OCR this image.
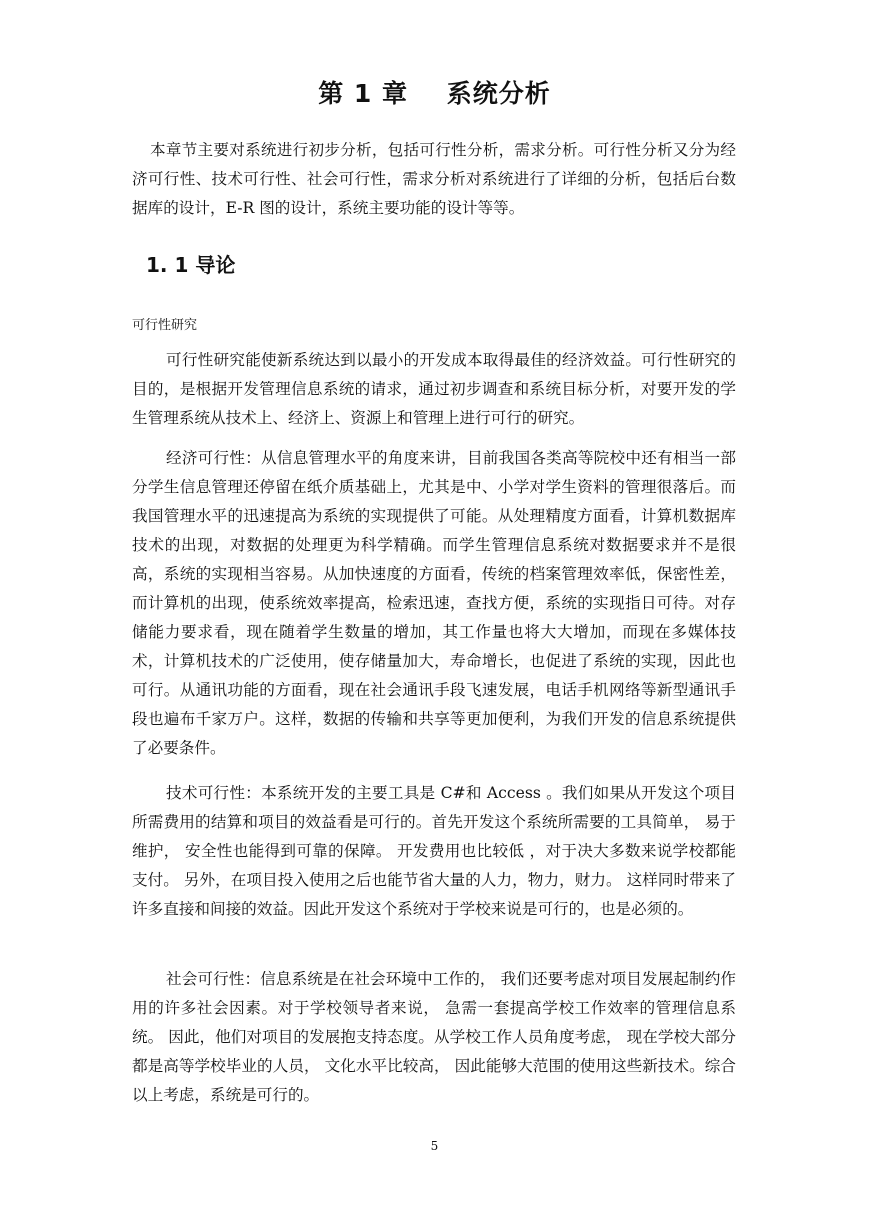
第 1 章    系统分析

本章节主要对系统进行初步分析，包括可行性分析，需求分析。可行性分析又分为经济可行性、技术可行性、社会可行性，需求分析对系统进行了详细的分析，包括后台数据库的设计，E-R 图的设计，系统主要功能的设计等等。

1. 1 导论

可行性研究

可行性研究能使新系统达到以最小的开发成本取得最佳的经济效益。可行性研究的目的，是根据开发管理信息系统的请求，通过初步调查和系统目标分析，对要开发的学生管理系统从技术上、经济上、资源上和管理上进行可行的研究。

经济可行性：从信息管理水平的角度来讲，目前我国各类高等院校中还有相当一部分学生信息管理还停留在纸介质基础上，尤其是中、小学对学生资料的管理很落后。而我国管理水平的迅速提高为系统的实现提供了可能。从处理精度方面看，计算机数据库技术的出现，对数据的处理更为科学精确。而学生管理信息系统对数据要求并不是很高，系统的实现相当容易。从加快速度的方面看，传统的档案管理效率低，保密性差，而计算机的出现，使系统效率提高，检索迅速，查找方便，系统的实现指日可待。对存储能力要求看，现在随着学生数量的增加，其工作量也将大大增加，而现在多媒体技术，计算机技术的广泛使用，使存储量加大，寿命增长，也促进了系统的实现，因此也可行。从通讯功能的方面看，现在社会通讯手段飞速发展，电话手机网络等新型通讯手段也遍布千家万户。这样，数据的传输和共享等更加便利，为我们开发的信息系统提供了必要条件。

技术可行性：本系统开发的主要工具是 C#和 Access 。我们如果从开发这个项目所需费用的结算和项目的效益看是可行的。首先开发这个系统所需要的工具简单， 易于维护， 安全性也能得到可靠的保障。 开发费用也比较低 ，对于决大多数来说学校都能支付。 另外，在项目投入使用之后也能节省大量的人力，物力，财力。 这样同时带来了许多直接和间接的效益。因此开发这个系统对于学校来说是可行的，也是必须的。

社会可行性：信息系统是在社会环境中工作的， 我们还要考虑对项目发展起制约作用的许多社会因素。对于学校领导者来说， 急需一套提高学校工作效率的管理信息系统。 因此，他们对项目的发展抱支持态度。从学校工作人员角度考虑， 现在学校大部分都是高等学校毕业的人员， 文化水平比较高， 因此能够大范围的使用这些新技术。综合以上考虑，系统是可行的。

5
